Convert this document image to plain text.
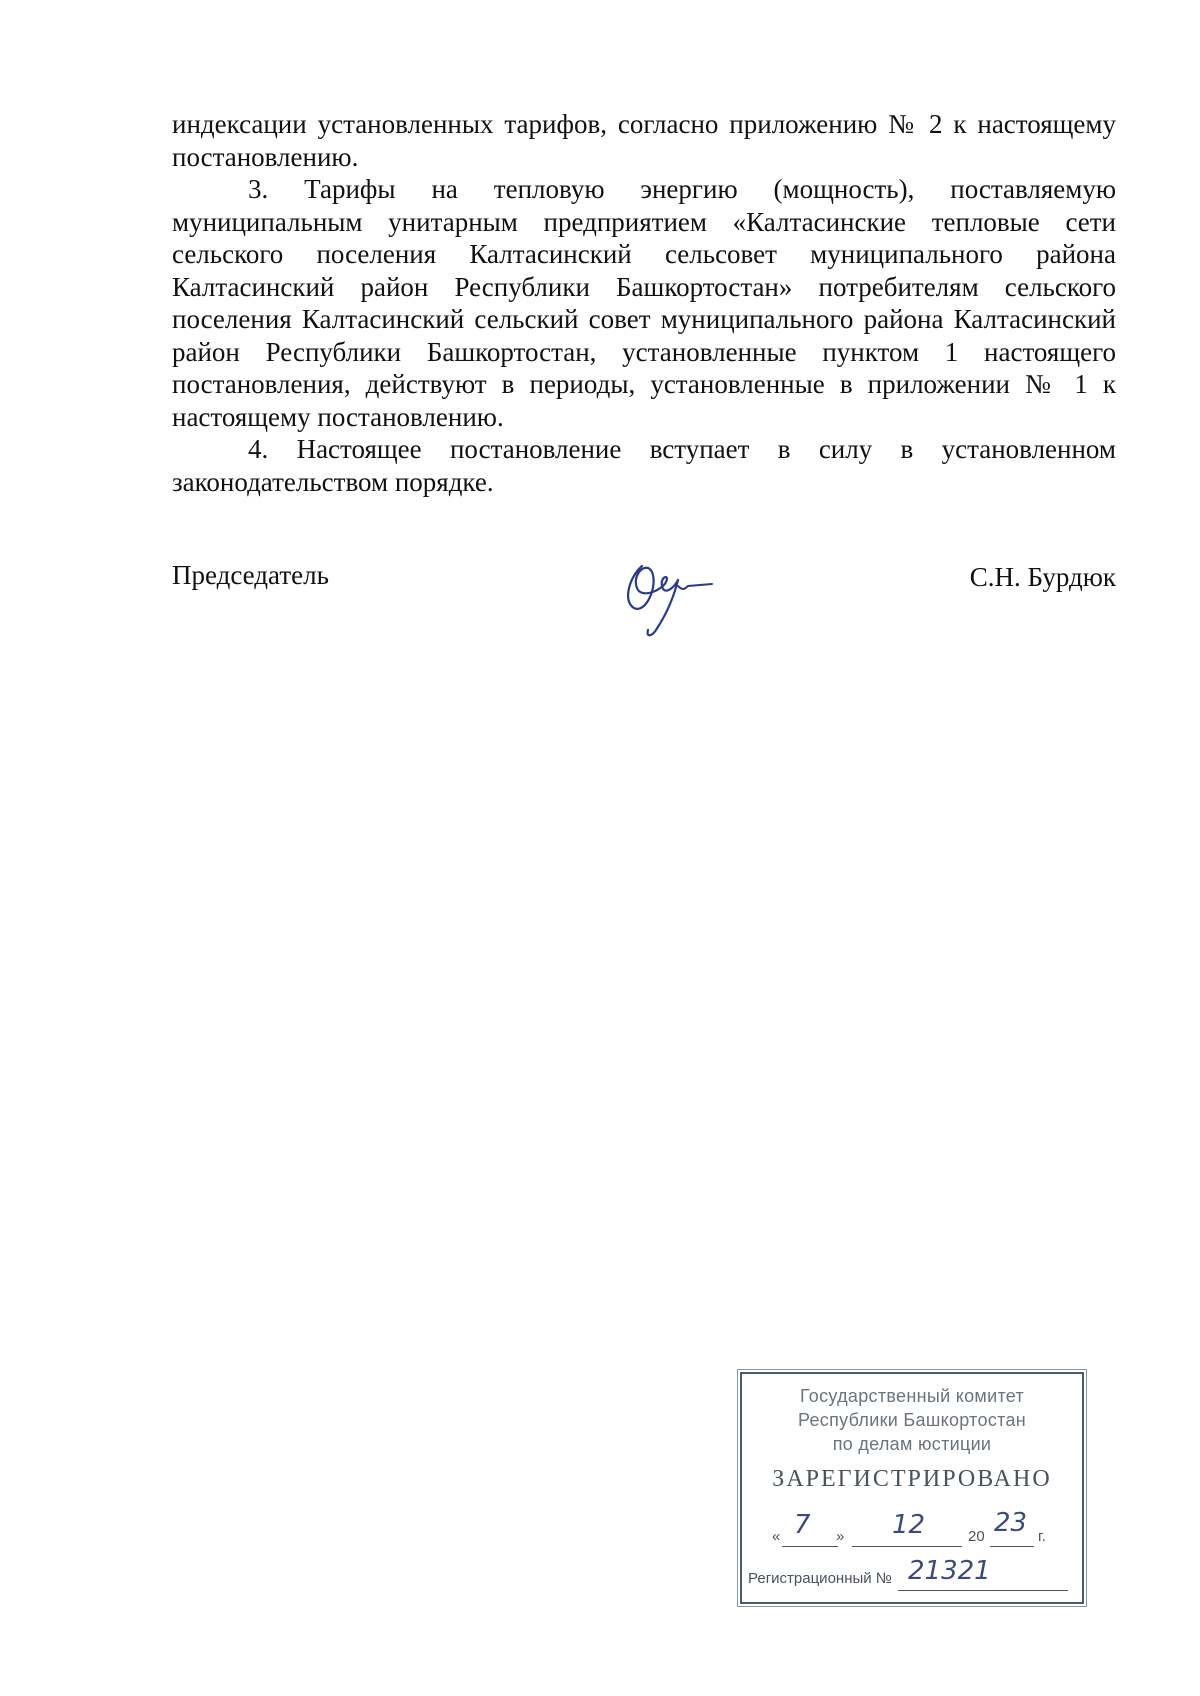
индексации установленных тарифов, согласно приложению № 2 к настоящему постановлению.

3. Тарифы на тепловую энергию (мощность), поставляемую муниципальным унитарным предприятием «Калтасинские тепловые сети сельского поселения Калтасинский сельсовет муниципального района Калтасинский район Республики Башкортостан» потребителям сельского поселения Калтасинский сельский совет муниципального района Калтасинский район Республики Башкортостан, установленные пунктом 1 настоящего постановления, действуют в периоды, установленные в приложении № 1 к настоящему постановлению.

4. Настоящее постановление вступает в силу в установленном законодательством порядке.

Председатель	С.Н. Бурдюк
Государственный комитет
Республики Башкортостан
по делам юстиции
ЗАРЕГИСТРИРОВАНО
« 7 » 12	20 23 г.
Регистрационный № 21321
